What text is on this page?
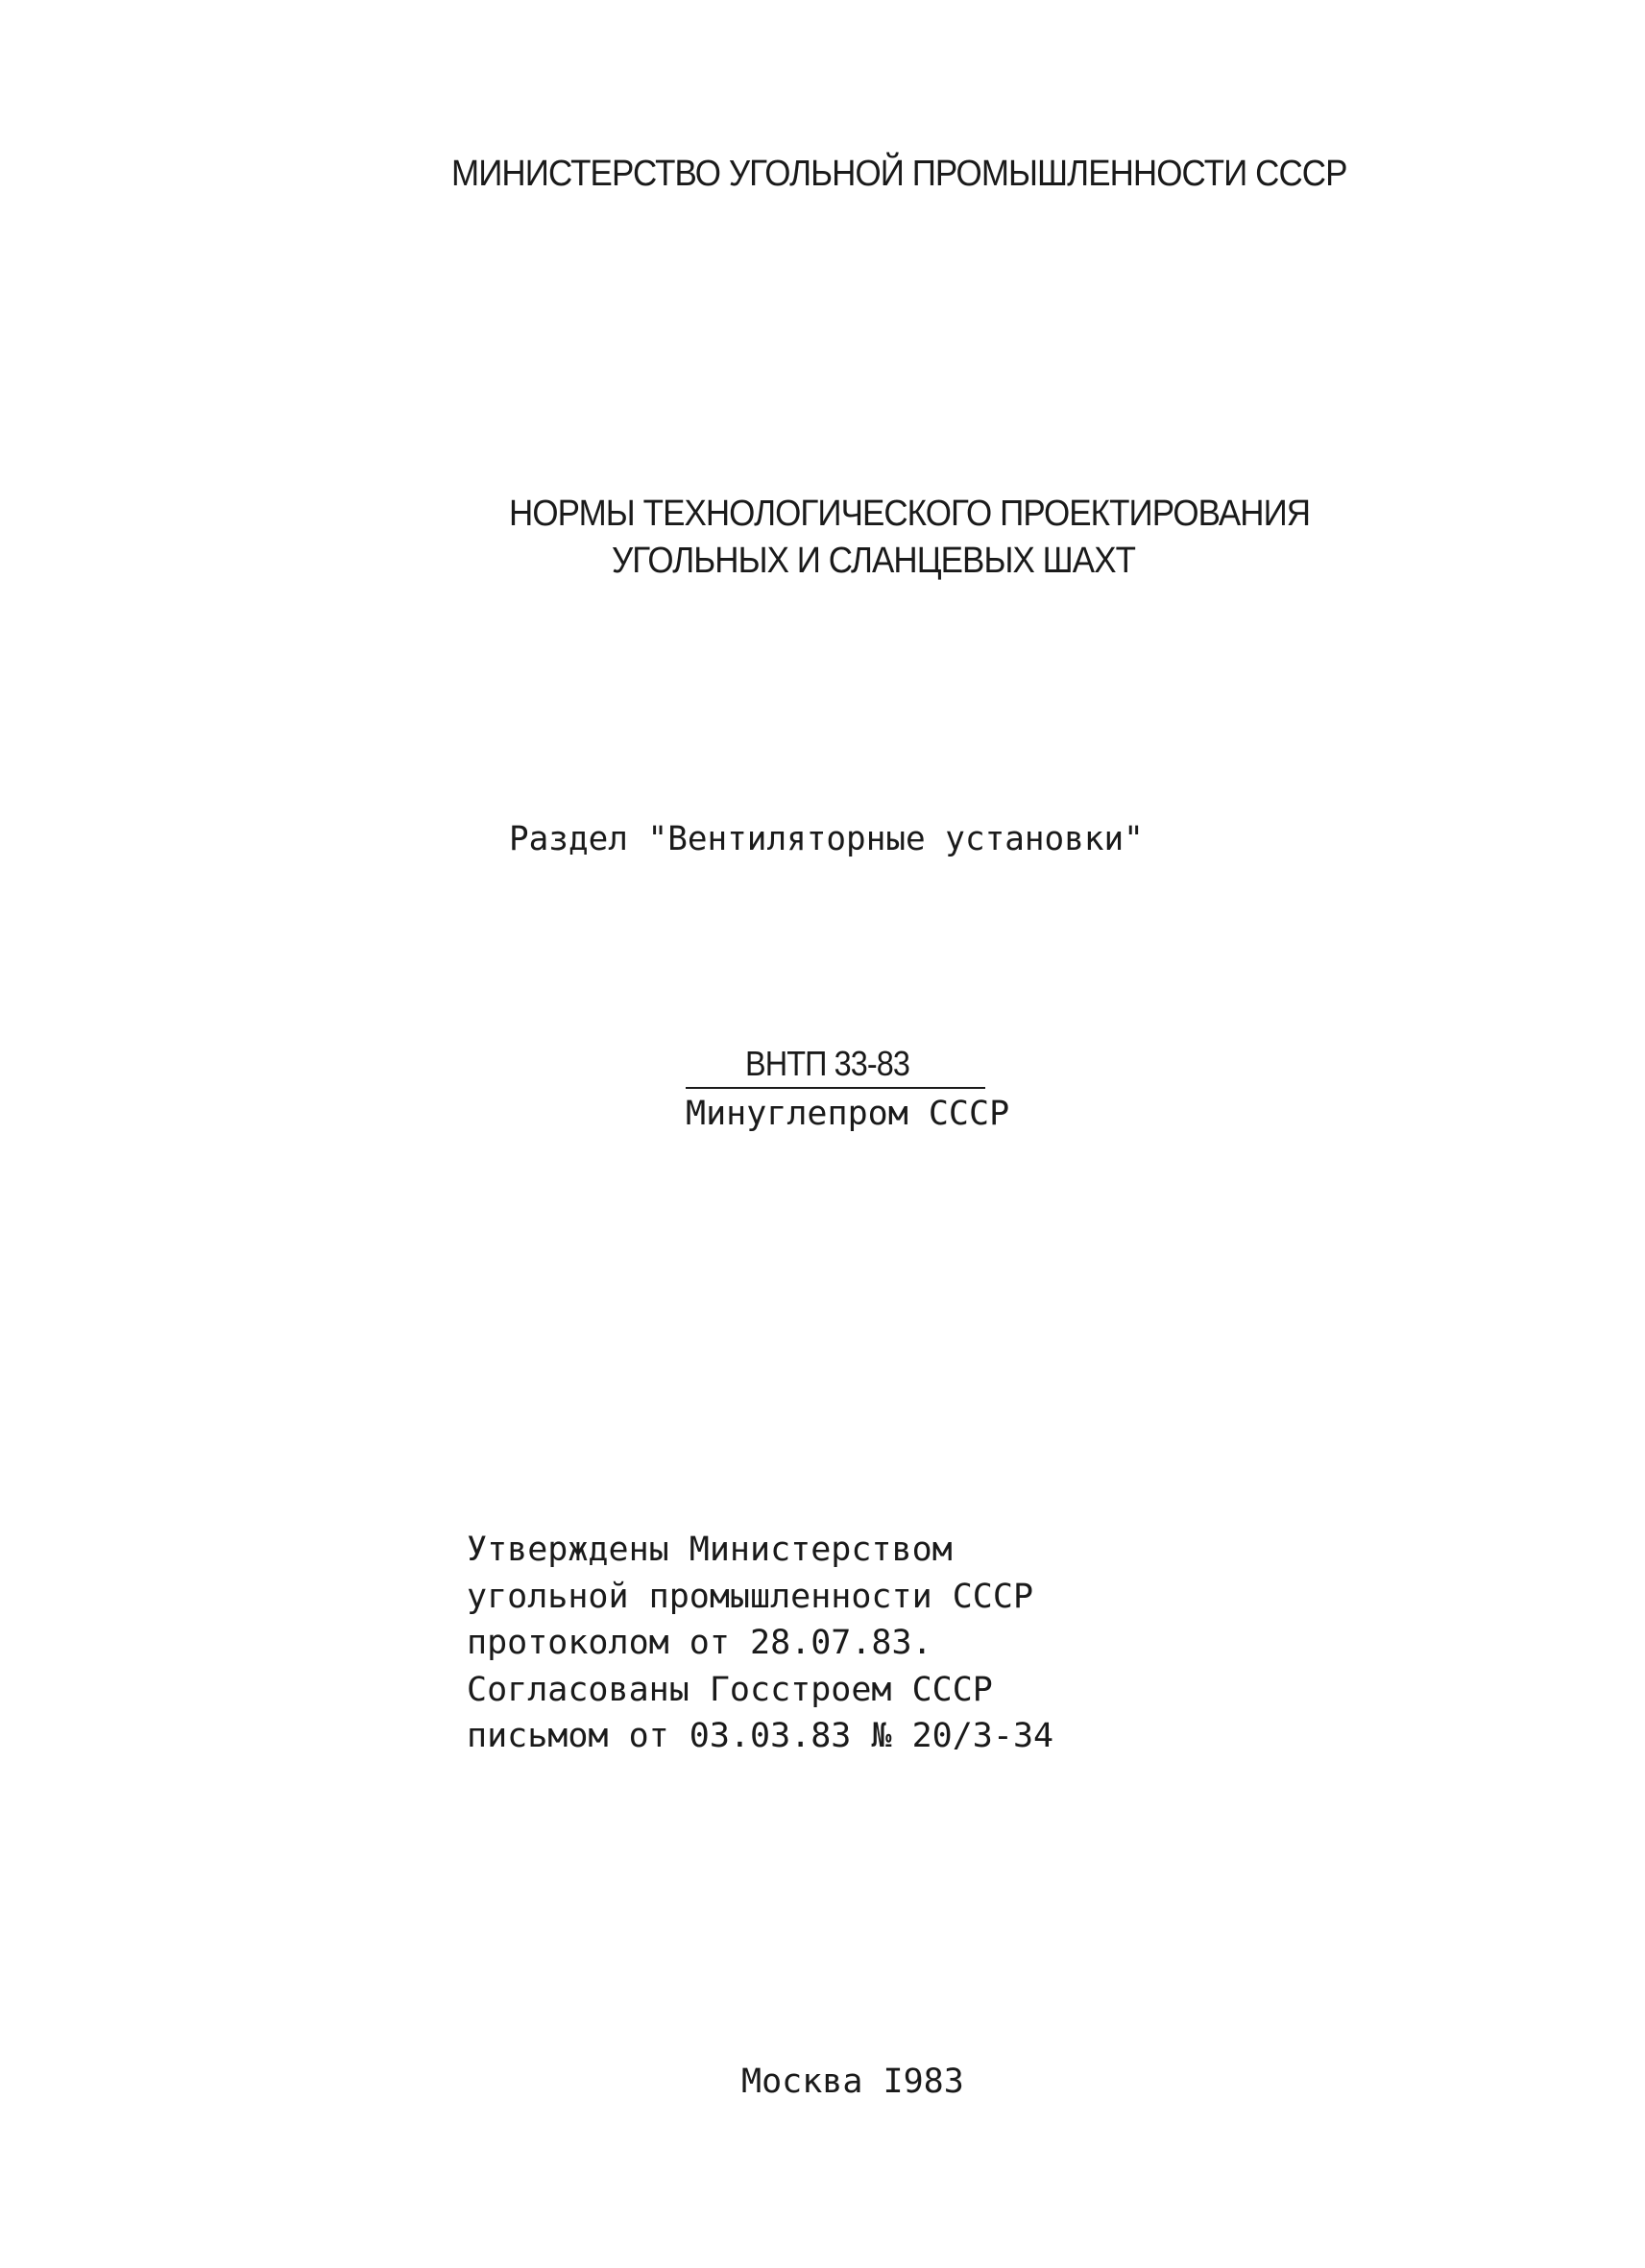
МИНИСТЕРСТВО УГОЛЬНОЙ ПРОМЫШЛЕННОСТИ СССР

НОРМЫ ТЕХНОЛОГИЧЕСКОГО ПРОЕКТИРОВАНИЯ

УГОЛЬНЫХ И СЛАНЦЕВЫХ ШАХТ

Раздел "Вентиляторные установки"

ВНТП 33-83

Минуглепром СССР

Утверждены Министерством
угольной промышленности СССР
протоколом от 28.07.83.
Согласованы Госстроем СССР
письмом от 03.03.83 № 20/3-34

Москва I983
